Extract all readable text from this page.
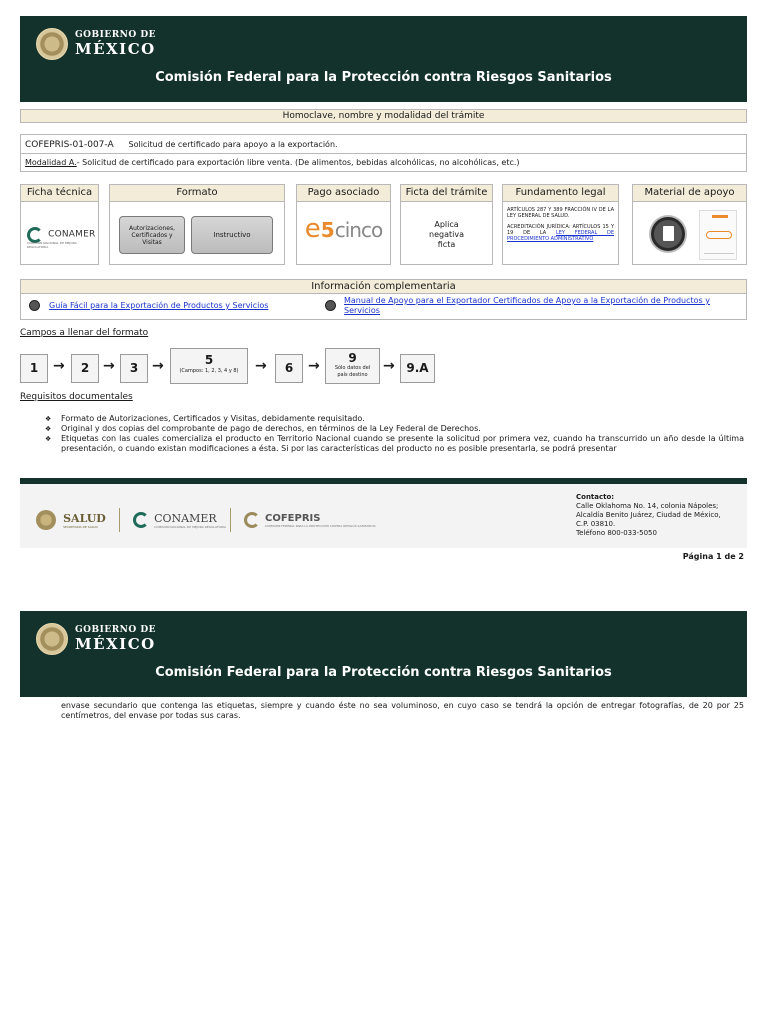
GOBIERNO DE
MÉXICO
Comisión Federal para la Protección contra Riesgos Sanitarios
Homoclave, nombre y modalidad del trámite
COFEPRIS-01-007-A Solicitud de certificado para apoyo a la exportación.
Modalidad A.- Solicitud de certificado para exportación libre venta. (De alimentos, bebidas alcohólicas, no alcohólicas, etc.)
Ficha técnica
CONAMER
COMISIÓN NACIONAL DE MEJORA REGULATORIA
Formato
Autorizaciones, Certificados y Visitas
Instructivo
Pago asociado
e5cinco
Ficta del trámite
Aplica
negativa
ficta
Fundamento legal
ARTÍCULOS 287 Y 389 FRACCIÓN IV DE LA LEY GENERAL DE SALUD.
ACREDITACIÓN JURÍDICA: ARTÍCULOS 15 Y 19 DE LA LEY FEDERAL DE PROCEDIMIENTO ADMINISTRATIVO
Material de apoyo
Información complementaria
Guía Fácil para la Exportación de Productos y Servicios
Manual de Apoyo para el Exportador Certificados de Apoyo a la Exportación de Productos y Servicios
Campos a llenar del formato
1	→	2 →	3 →	5
(Campos: 1, 2, 3, 4 y 8)	→	6	→	9
Sólo datos del país destino
→ 9.A
Requisitos documentales
❖ Formato de Autorizaciones, Certificados y Visitas, debidamente requisitado.
❖ Original y dos copias del comprobante de pago de derechos, en términos de la Ley Federal de Derechos.
❖ Etiquetas con las cuales comercializa el producto en Territorio Nacional cuando se presente la solicitud por primera vez, cuando ha transcurrido un año desde la última presentación, o cuando existan modificaciones a ésta. Si por las características del producto no es posible presentarla, se podrá presentar

SALUD
SECRETARÍA DE SALUD

CONAMER
COMISIÓN NACIONAL DE MEJORA REGULATORIA

COFEPRIS
COMISIÓN FEDERAL PARA LA PROTECCIÓN CONTRA RIESGOS SANITARIOS
Contacto:
Calle Oklahoma No. 14, colonia Nápoles;
Alcaldía Benito Juárez, Ciudad de México,
C.P. 03810.
Teléfono 800-033-5050
Página 1 de 2
GOBIERNO DE
MÉXICO
Comisión Federal para la Protección contra Riesgos Sanitarios
envase secundario que contenga las etiquetas, siempre y cuando éste no sea voluminoso, en cuyo caso se tendrá la opción de entregar fotografías, de 20 por 25 centímetros, del envase por todas sus caras.
